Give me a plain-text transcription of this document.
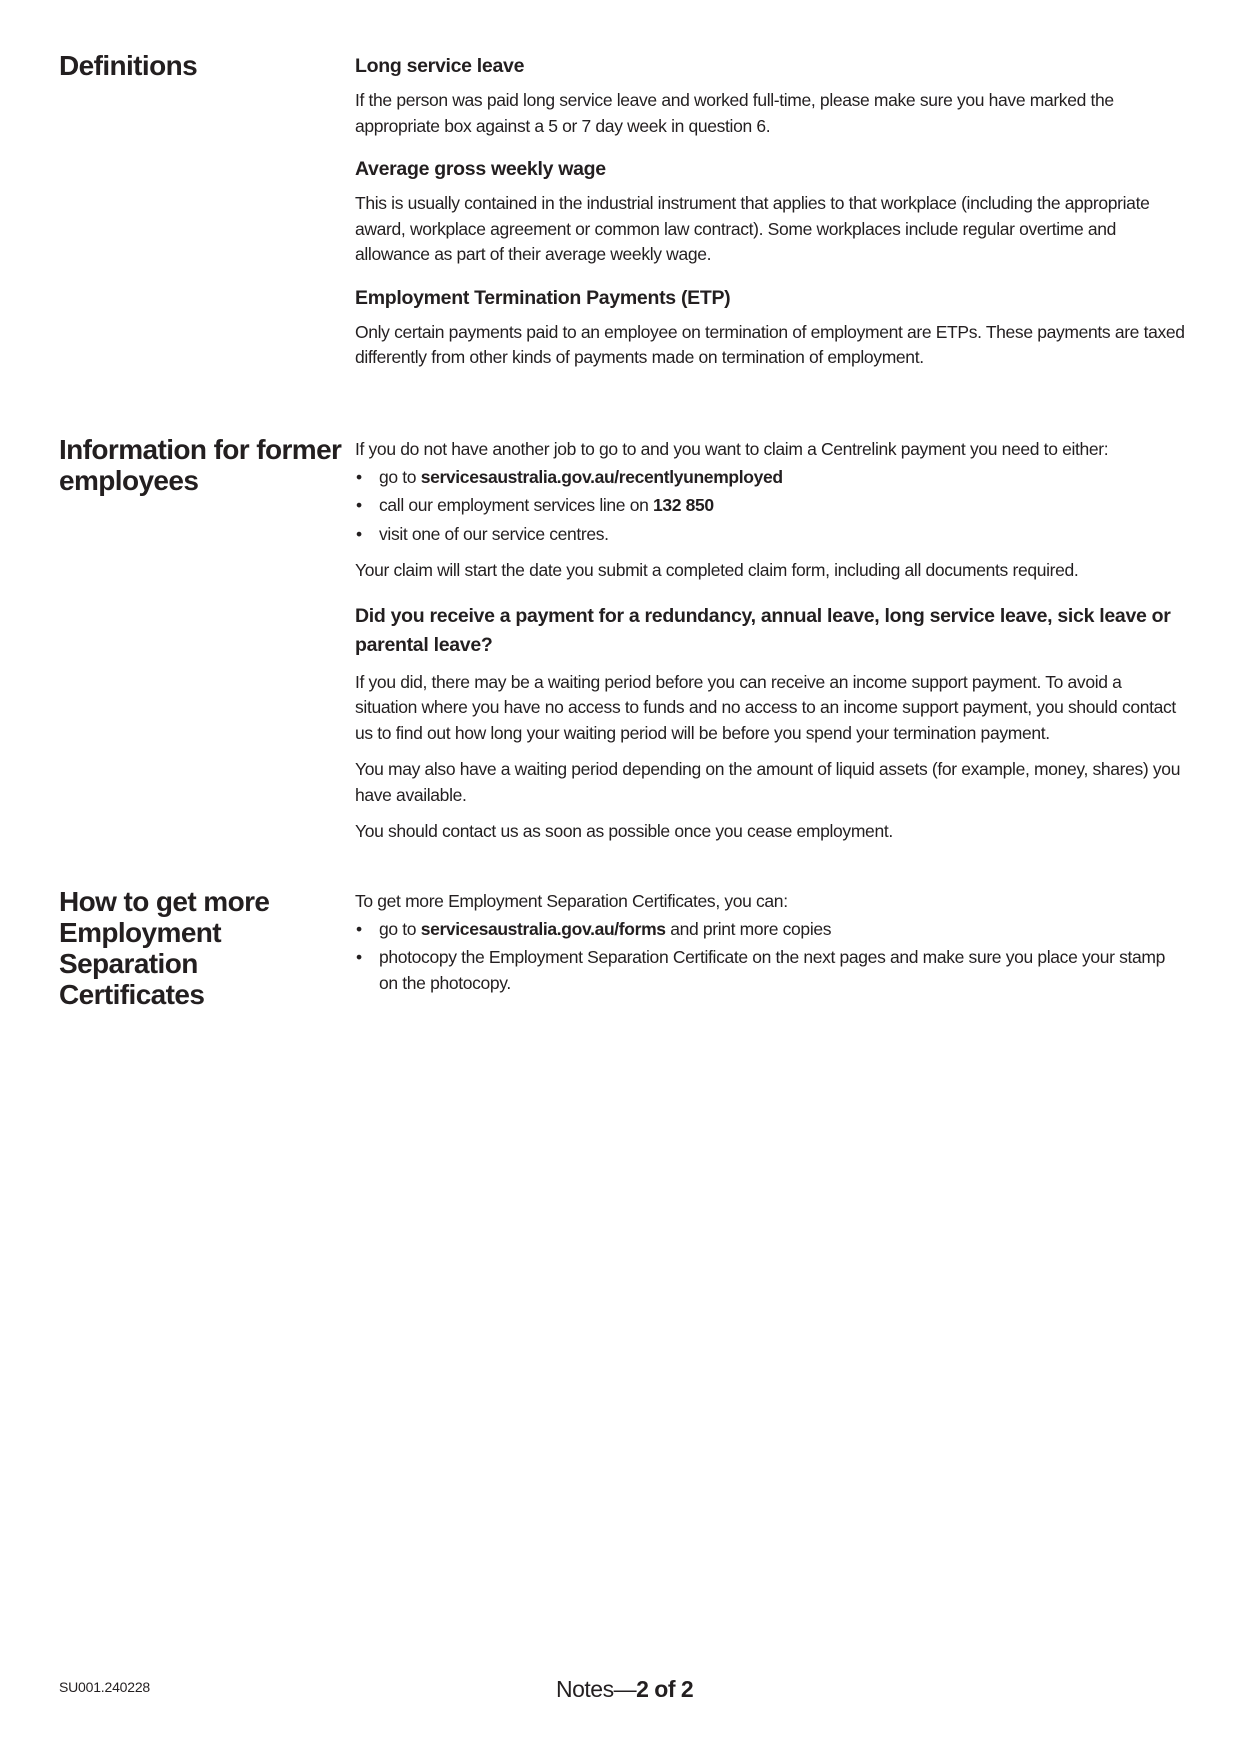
Definitions	Long service leave

If the person was paid long service leave and worked full-time, please make sure you have marked the appropriate box against a 5 or 7 day week in question 6.

Average gross weekly wage

This is usually contained in the industrial instrument that applies to that workplace (including the appropriate award, workplace agreement or common law contract). Some workplaces include regular overtime and allowance as part of their average weekly wage.

Employment Termination Payments (ETP)

Only certain payments paid to an employee on termination of employment are ETPs. These payments are taxed differently from other kinds of payments made on termination of employment.

Information for former employees

If you do not have another job to go to and you want to claim a Centrelink payment you need to either:

• go to servicesaustralia.gov.au/recentlyunemployed
• call our employment services line on 132 850
• visit one of our service centres.

Your claim will start the date you submit a completed claim form, including all documents required.

Did you receive a payment for a redundancy, annual leave, long service leave, sick leave or parental leave?

If you did, there may be a waiting period before you can receive an income support payment. To avoid a situation where you have no access to funds and no access to an income support payment, you should contact us to find out how long your waiting period will be before you spend your termination payment.

You may also have a waiting period depending on the amount of liquid assets (for example, money, shares) you have available.

You should contact us as soon as possible once you cease employment.

How to get more Employment Separation Certificates

To get more Employment Separation Certificates, you can:

• go to servicesaustralia.gov.au/forms and print more copies
• photocopy the Employment Separation Certificate on the next pages and make sure you place your stamp on the photocopy.
SU001.240228	Notes—2 of 2
